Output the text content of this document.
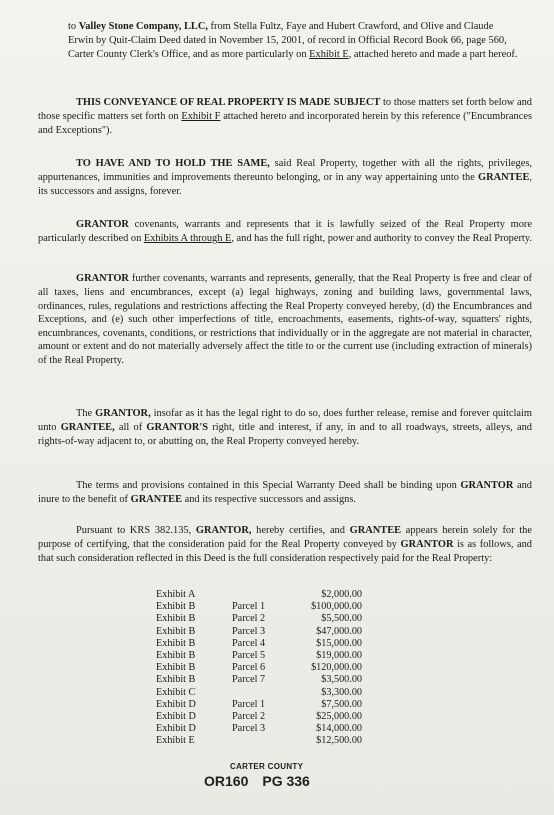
to Valley Stone Company, LLC, from Stella Fultz, Faye and Hubert Crawford, and Olive and Claude Erwin by Quit-Claim Deed dated in November 15, 2001, of record in Official Record Book 66, page 560, Carter County Clerk's Office, and as more particularly on Exhibit E, attached hereto and made a part hereof.

THIS CONVEYANCE OF REAL PROPERTY IS MADE SUBJECT to those matters set forth below and those specific matters set forth on Exhibit F attached hereto and incorporated herein by this reference ("Encumbrances and Exceptions").

TO HAVE AND TO HOLD THE SAME, said Real Property, together with all the rights, privileges, appurtenances, immunities and improvements thereunto belonging, or in any way appertaining unto the GRANTEE, its successors and assigns, forever.

GRANTOR covenants, warrants and represents that it is lawfully seized of the Real Property more particularly described on Exhibits A through E, and has the full right, power and authority to convey the Real Property.

GRANTOR further covenants, warrants and represents, generally, that the Real Property is free and clear of all taxes, liens and encumbrances, except (a) legal highways, zoning and building laws, governmental laws, ordinances, rules, regulations and restrictions affecting the Real Property conveyed hereby, (d) the Encumbrances and Exceptions, and (e) such other imperfections of title, encroachments, easements, rights-of-way, squatters' rights, encumbrances, covenants, conditions, or restrictions that individually or in the aggregate are not material in character, amount or extent and do not materially adversely affect the title to or the current use (including extraction of minerals) of the Real Property.

The GRANTOR, insofar as it has the legal right to do so, does further release, remise and forever quitclaim unto GRANTEE, all of GRANTOR'S right, title and interest, if any, in and to all roadways, streets, alleys, and rights-of-way adjacent to, or abutting on, the Real Property conveyed hereby.

The terms and provisions contained in this Special Warranty Deed shall be binding upon GRANTOR and inure to the benefit of GRANTEE and its respective successors and assigns.

Pursuant to KRS 382.135, GRANTOR, hereby certifies, and GRANTEE appears herein solely for the purpose of certifying, that the consideration paid for the Real Property conveyed by GRANTOR is as follows, and that such consideration reflected in this Deed is the full consideration respectively paid for the Real Property:

Exhibit A	$2,000.00
Exhibit B	Parcel 1	$100,000.00
Exhibit B	Parcel 2	$5,500.00
Exhibit B	Parcel 3	$47,000.00
Exhibit B	Parcel 4	$15,000.00
Exhibit B	Parcel 5	$19,000.00
Exhibit B	Parcel 6	$120,000.00
Exhibit B	Parcel 7	$3,500.00
Exhibit C	$3,300.00
Exhibit D	Parcel 1	$7,500.00
Exhibit D	Parcel 2	$25,000.00
Exhibit D	Parcel 3	$14,000.00
Exhibit E	$12,500.00
CARTER COUNTY
OR160 PG 336
